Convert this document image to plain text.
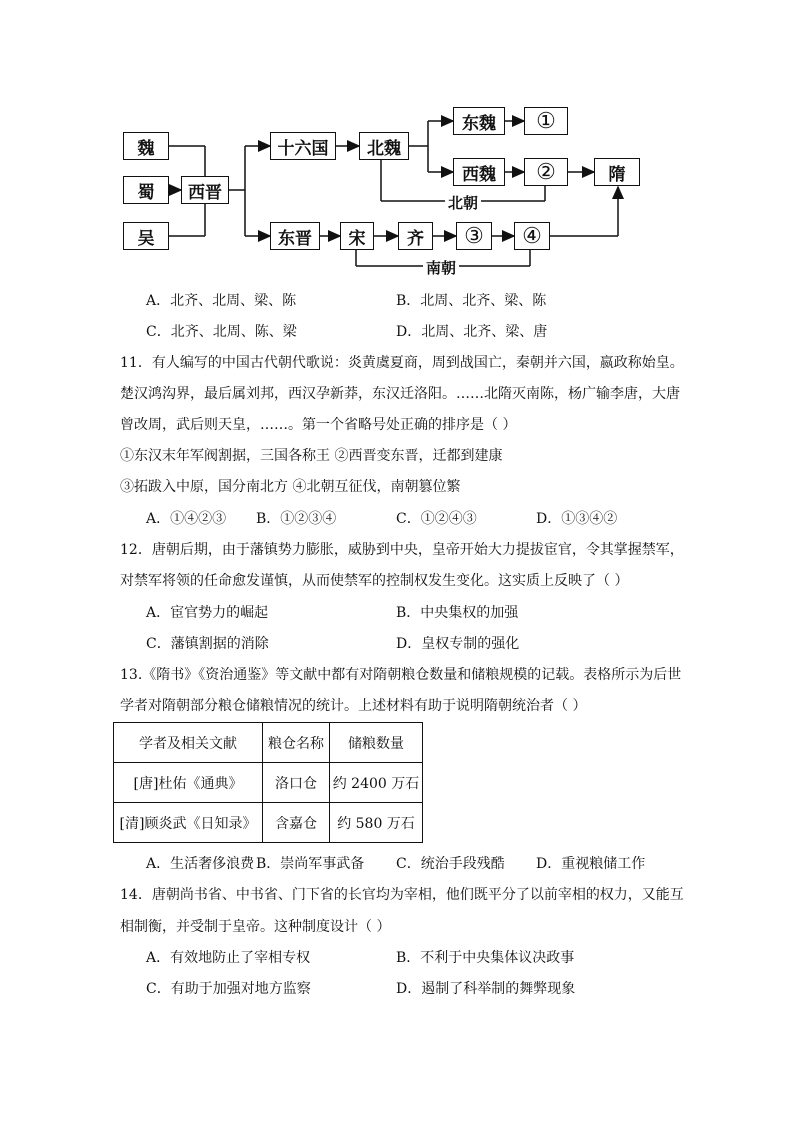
魏
蜀
吴
西晋
十六国	北魏
东魏	①
西魏	②	隋
东晋	宋	齐	③	④
北朝
南朝
A．北齐、北周、梁、陈	B．北周、北齐、梁、陈
C．北齐、北周、陈、梁	D．北周、北齐、梁、唐
11．有人编写的中国古代朝代歌说：炎黄虞夏商，周到战国亡，秦朝并六国，嬴政称始皇。
楚汉鸿沟界，最后属刘邦，西汉孕新莽，东汉迁洛阳。……北隋灭南陈，杨广输李唐，大唐
曾改周，武后则天皇，……。第一个省略号处正确的排序是（ ）
①东汉末年军阀割据，三国各称王 ②西晋变东晋，迁都到建康
③拓跋入中原，国分南北方 ④北朝互征伐，南朝篡位繁
A．①④②③ B．①②③④	C．①②④③	D．①③④②
12．唐朝后期，由于藩镇势力膨胀，威胁到中央，皇帝开始大力提拔宦官，令其掌握禁军，
对禁军将领的任命愈发谨慎，从而使禁军的控制权发生变化。这实质上反映了（ ）
A．宦官势力的崛起	B．中央集权的加强
C．藩镇割据的消除	D．皇权专制的强化
13.《隋书》《资治通鉴》等文献中都有对隋朝粮仓数量和储粮规模的记载。表格所示为后世
学者对隋朝部分粮仓储粮情况的统计。上述材料有助于说明隋朝统治者（ ）
学者及相关文献	粮仓名称	储粮数量
[唐]杜佑《通典》	洛口仓	约 2400 万石
[清]顾炎武《日知录》	含嘉仓	约 580 万石
A．生活奢侈浪费 B．崇尚军事武备 C．统治手段残酷 D．重视粮储工作
14．唐朝尚书省、中书省、门下省的长官均为宰相，他们既平分了以前宰相的权力，又能互
相制衡，并受制于皇帝。这种制度设计（ ）
A．有效地防止了宰相专权	B．不利于中央集体议决政事
C．有助于加强对地方监察	D．遏制了科举制的舞弊现象
